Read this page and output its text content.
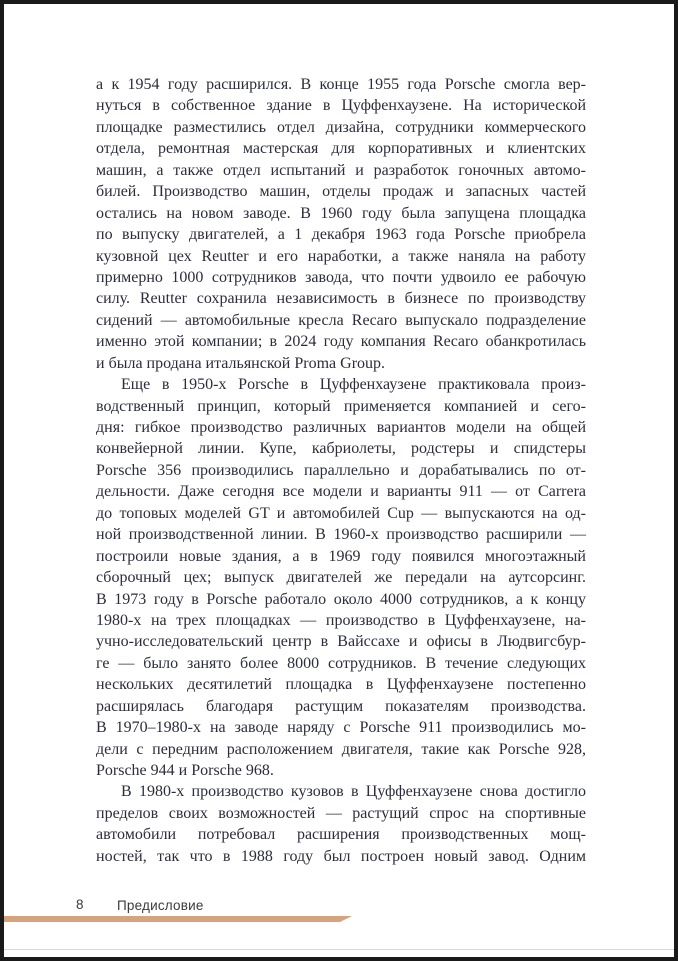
а к 1954 году расширился. В конце 1955 года Porsche смогла вер-
нуться в собственное здание в Цуффенхаузене. На исторической
площадке разместились отдел дизайна, сотрудники коммерческого
отдела, ремонтная мастерская для корпоративных и клиентских
машин, а также отдел испытаний и разработок гоночных автомо-
билей. Производство машин, отделы продаж и запасных частей
остались на новом заводе. В 1960 году была запущена площадка
по выпуску двигателей, а 1 декабря 1963 года Porsche приобрела
кузовной цех Reutter и его наработки, а также наняла на работу
примерно 1000 сотрудников завода, что почти удвоило ее рабочую
силу. Reutter сохранила независимость в бизнесе по производству
сидений — автомобильные кресла Recaro выпускало подразделение
именно этой компании; в 2024 году компания Recaro обанкротилась
и была продана итальянской Proma Group.
Еще в 1950-х Porsche в Цуффенхаузене практиковала произ-
водственный принцип, который применяется компанией и сего-
дня: гибкое производство различных вариантов модели на общей
конвейерной линии. Купе, кабриолеты, родстеры и спидстеры
Porsche 356 производились параллельно и дорабатывались по от-
дельности. Даже сегодня все модели и варианты 911 — от Carrera
до топовых моделей GT и автомобилей Cup — выпускаются на од-
ной производственной линии. В 1960-х производство расширили —
построили новые здания, а в 1969 году появился многоэтажный
сборочный цех; выпуск двигателей же передали на аутсорсинг.
В 1973 году в Porsche работало около 4000 сотрудников, а к концу
1980-х на трех площадках — производство в Цуффенхаузене, на-
учно-исследовательский центр в Вайссахе и офисы в Людвигсбур-
ге — было занято более 8000 сотрудников. В течение следующих
нескольких десятилетий площадка в Цуффенхаузене постепенно
расширялась благодаря растущим показателям производства.
В 1970–1980-х на заводе наряду с Porsche 911 производились мо-
дели с передним расположением двигателя, такие как Porsche 928,
Porsche 944 и Porsche 968.
В 1980-х производство кузовов в Цуффенхаузене снова достигло
пределов своих возможностей — растущий спрос на спортивные
автомобили потребовал расширения производственных мощ-
ностей, так что в 1988 году был построен новый завод. Одним
8 Предисловие
